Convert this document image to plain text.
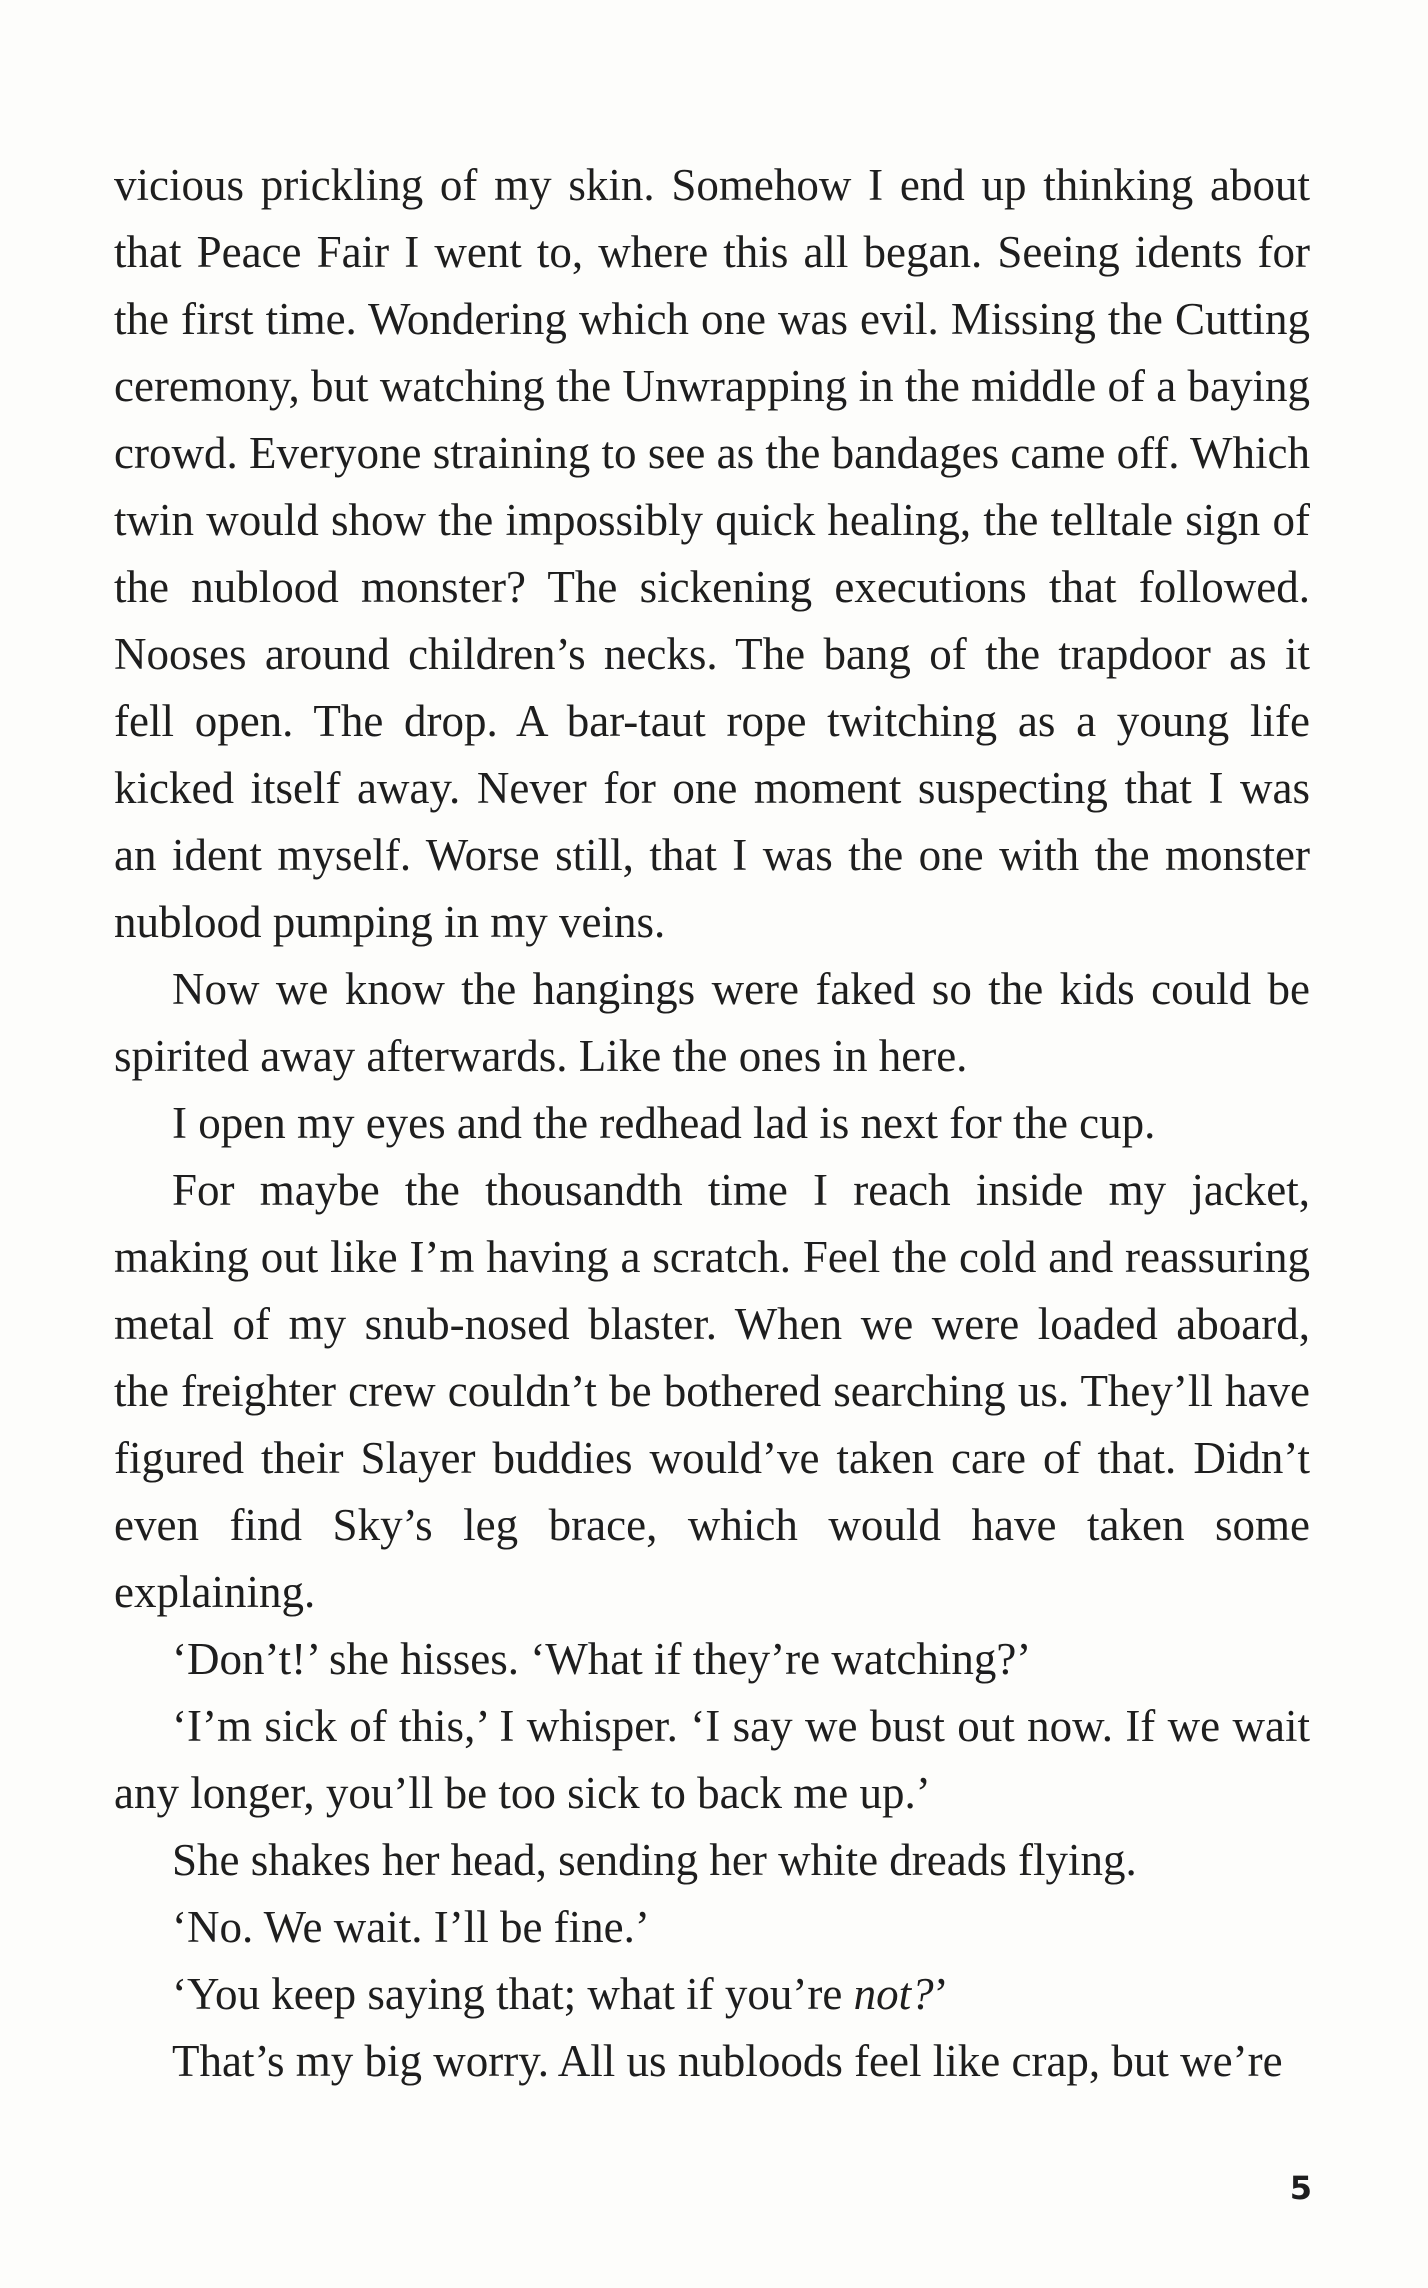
vicious prickling of my skin. Somehow I end up thinking about that Peace Fair I went to, where this all began. Seeing idents for the first time. Wondering which one was evil. Missing the Cutting ceremony, but watching the Unwrapping in the middle of a baying crowd. Everyone straining to see as the bandages came off. Which twin would show the impossibly quick healing, the telltale sign of the nublood monster? The sickening executions that followed. Nooses around children’s necks. The bang of the trapdoor as it fell open. The drop. A bar-taut rope twitching as a young life kicked itself away. Never for one moment suspecting that I was an ident myself. Worse still, that I was the one with the monster nublood pumping in my veins.

Now we know the hangings were faked so the kids could be spirited away afterwards. Like the ones in here.

I open my eyes and the redhead lad is next for the cup.

For maybe the thousandth time I reach inside my jacket, making out like I’m having a scratch. Feel the cold and reassuring metal of my snub-nosed blaster. When we were loaded aboard, the freighter crew couldn’t be bothered searching us. They’ll have figured their Slayer buddies would’ve taken care of that. Didn’t even find Sky’s leg brace, which would have taken some explaining.

‘Don’t!’ she hisses. ‘What if they’re watching?’

‘I’m sick of this,’ I whisper. ‘I say we bust out now. If we wait any longer, you’ll be too sick to back me up.’

She shakes her head, sending her white dreads flying.

‘No. We wait. I’ll be fine.’

‘You keep saying that; what if you’re not?’

That’s my big worry. All us nubloods feel like crap, but we’re

5
